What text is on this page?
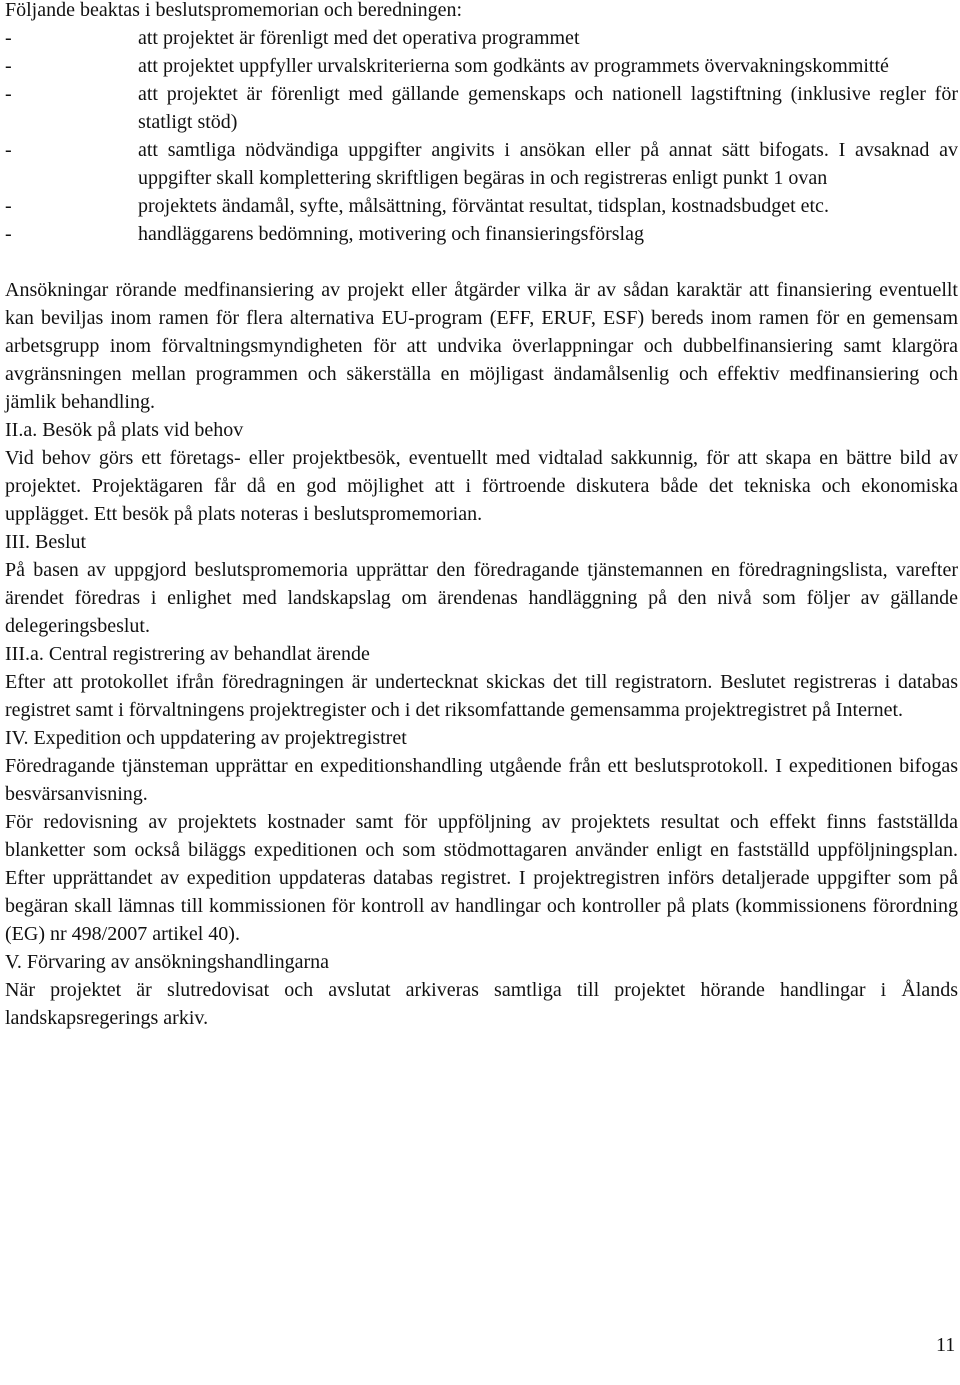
Följande beaktas i beslutspromemorian och beredningen:

-	att projektet är förenligt med det operativa programmet
-	att projektet uppfyller urvalskriterierna som godkänts av programmets övervakningskommitté
-	att projektet är förenligt med gällande gemenskaps och nationell lagstiftning (inklusive regler för statligt stöd)
-	att samtliga nödvändiga uppgifter angivits i ansökan eller på annat sätt bifogats. I avsaknad av uppgifter skall komplettering skriftligen begäras in och registreras enligt punkt 1 ovan
-	projektets ändamål, syfte, målsättning, förväntat resultat, tidsplan, kostnadsbudget etc.
-	handläggarens bedömning, motivering och finansieringsförslag

Ansökningar rörande medfinansiering av projekt eller åtgärder vilka är av sådan karaktär att finansiering eventuellt kan beviljas inom ramen för flera alternativa EU-program (EFF, ERUF, ESF) bereds inom ramen för en gemensam arbetsgrupp inom förvaltningsmyndigheten för att undvika överlappningar och dubbelfinansiering samt klargöra avgränsningen mellan programmen och säkerställa en möjligast ändamålsenlig och effektiv medfinansiering och jämlik behandling.

II.a. Besök på plats vid behov

Vid behov görs ett företags- eller projektbesök, eventuellt med vidtalad sakkunnig, för att skapa en bättre bild av projektet. Projektägaren får då en god möjlighet att i förtroende diskutera både det tekniska och ekonomiska upplägget. Ett besök på plats noteras i beslutspromemorian.

III. Beslut

På basen av uppgjord beslutspromemoria upprättar den föredragande tjänstemannen en föredragningslista, varefter ärendet föredras i enlighet med landskapslag om ärendenas handläggning på den nivå som följer av gällande delegeringsbeslut.

III.a. Central registrering av behandlat ärende

Efter att protokollet ifrån föredragningen är undertecknat skickas det till registratorn. Beslutet registreras i databas registret samt i förvaltningens projektregister och i det riksomfattande gemensamma projektregistret på Internet.

IV. Expedition och uppdatering av projektregistret

Föredragande tjänsteman upprättar en expeditionshandling utgående från ett beslutsprotokoll. I expeditionen bifogas besvärsanvisning.

För redovisning av projektets kostnader samt för uppföljning av projektets resultat och effekt finns fastställda blanketter som också biläggs expeditionen och som stödmottagaren använder enligt en fastställd uppföljningsplan. Efter upprättandet av expedition uppdateras databas registret. I projektregistren införs detaljerade uppgifter som på begäran skall lämnas till kommissionen för kontroll av handlingar och kontroller på plats (kommissionens förordning (EG) nr 498/2007 artikel 40).

V. Förvaring av ansökningshandlingarna

När projektet är slutredovisat och avslutat arkiveras samtliga till projektet hörande handlingar i Ålands landskapsregerings arkiv.

11
